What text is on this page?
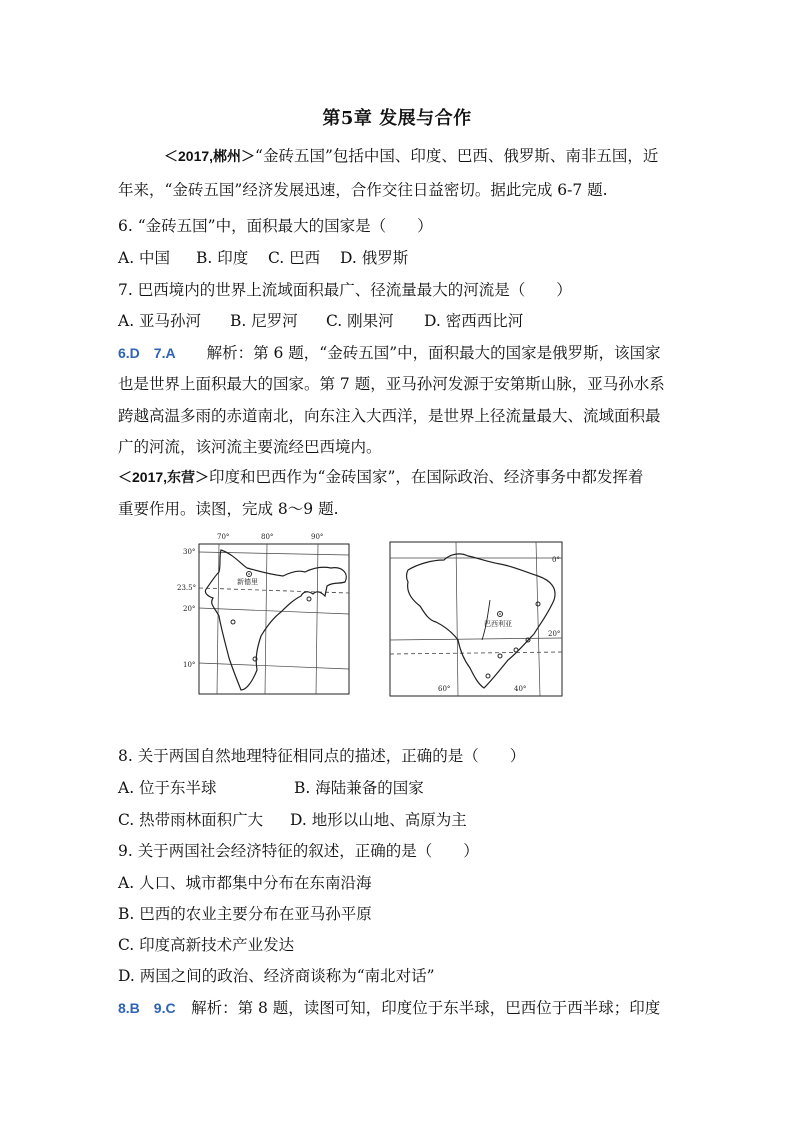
第5章 发展与合作
＜2017,郴州＞“金砖五国”包括中国、印度、巴西、俄罗斯、南非五国，近
年来，“金砖五国”经济发展迅速，合作交往日益密切。据此完成 6-7 题.
6. “金砖五国”中，面积最大的国家是（　　）
A. 中国 B. 印度 C. 巴西 D. 俄罗斯
7. 巴西境内的世界上流域面积最广、径流量最大的河流是（　　）
A. 亚马孙河 B. 尼罗河 C. 刚果河 D. 密西西比河
6.D　7.A　　解析：第 6 题，“金砖五国”中，面积最大的国家是俄罗斯，该国家
也是世界上面积最大的国家。第 7 题，亚马孙河发源于安第斯山脉，亚马孙水系
跨越高温多雨的赤道南北，向东注入大西洋，是世界上径流量最大、流域面积最
广的河流，该河流主要流经巴西境内。
＜2017,东营＞印度和巴西作为“金砖国家”，在国际政治、经济事务中都发挥着
重要作用。读图，完成 8～9 题.
70°	80°	90°
30°
23.5°
20°
10°
新德里
0°
20°
60°	40°
巴西利亚
8. 关于两国自然地理特征相同点的描述，正确的是（　　）
A. 位于东半球	B. 海陆兼备的国家
C. 热带雨林面积广大 D. 地形以山地、高原为主
9. 关于两国社会经济特征的叙述，正确的是（　　）
A. 人口、城市都集中分布在东南沿海
B. 巴西的农业主要分布在亚马孙平原
C. 印度高新技术产业发达
D. 两国之间的政治、经济商谈称为“南北对话”
8.B　9.C　解析：第 8 题，读图可知，印度位于东半球，巴西位于西半球；印度
